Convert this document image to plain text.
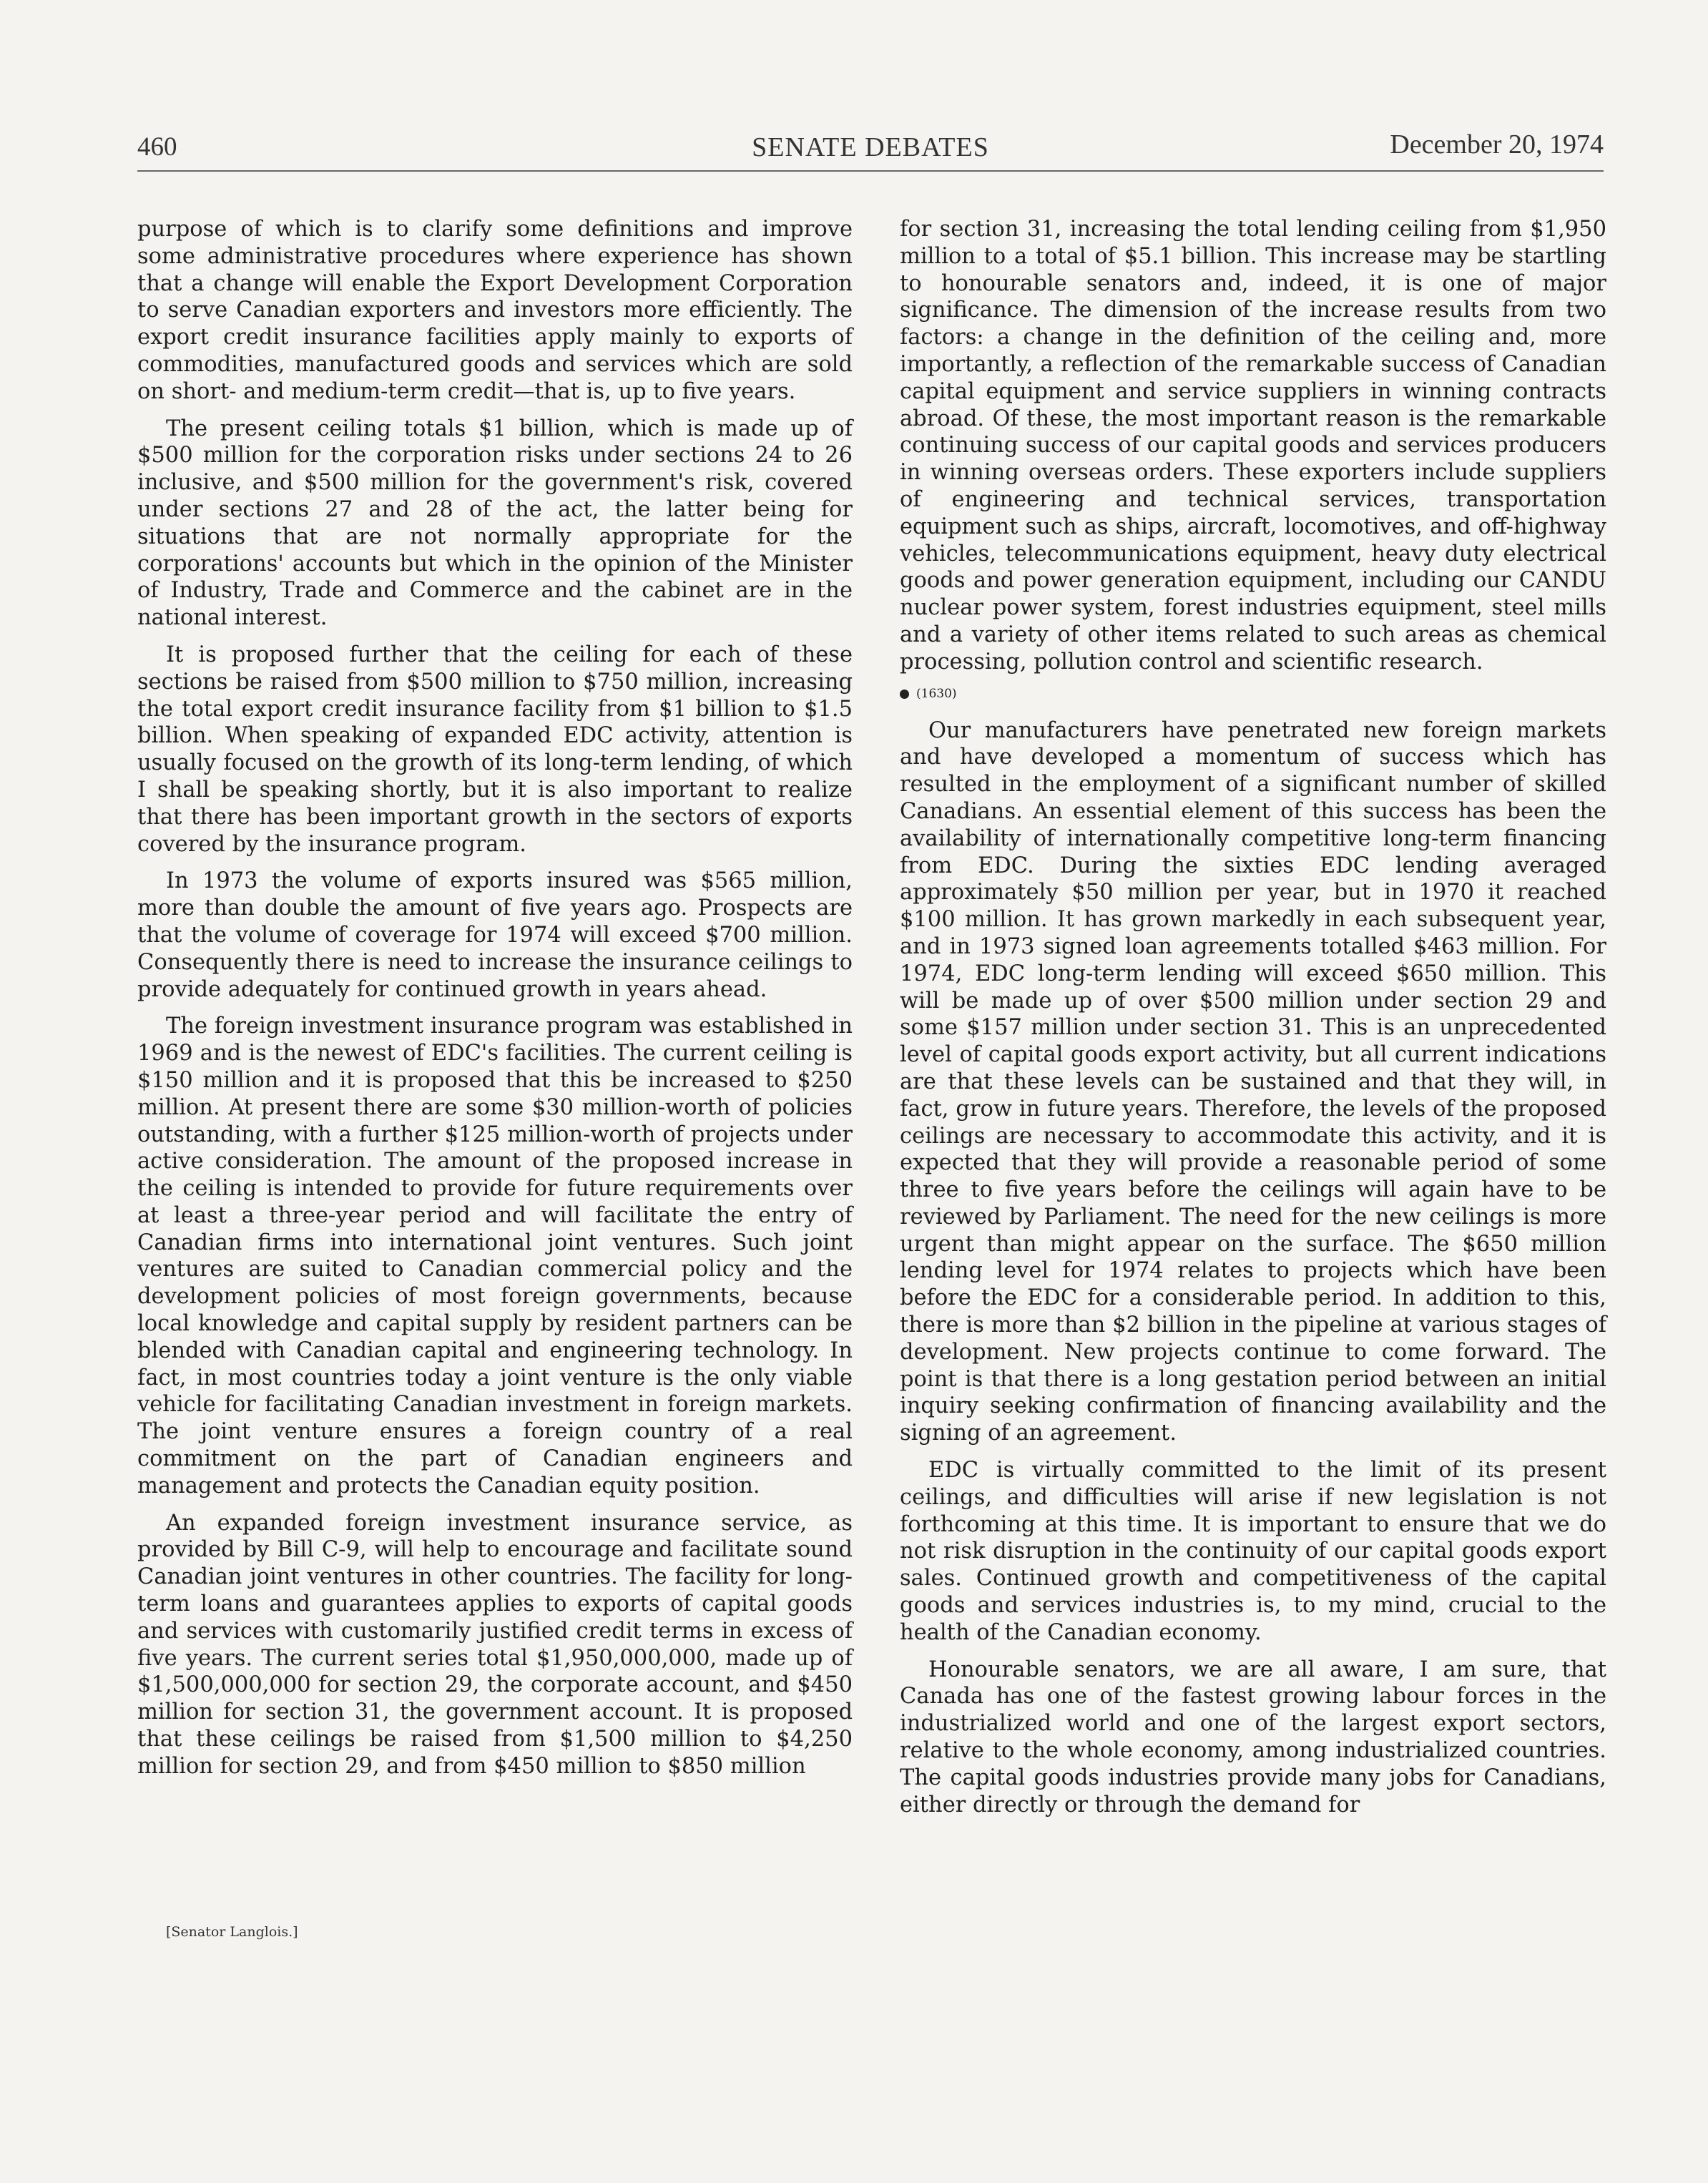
460	SENATE DEBATES	December 20, 1974

purpose of which is to clarify some definitions and improve some administrative procedures where experience has shown that a change will enable the Export Development Corporation to serve Canadian exporters and investors more efficiently. The export credit insurance facilities apply mainly to exports of commodities, manufactured goods and services which are sold on short- and medium-term credit—that is, up to five years.

The present ceiling totals $1 billion, which is made up of $500 million for the corporation risks under sections 24 to 26 inclusive, and $500 million for the government's risk, covered under sections 27 and 28 of the act, the latter being for situations that are not normally appropriate for the corporations' accounts but which in the opinion of the Minister of Industry, Trade and Commerce and the cabinet are in the national interest.

It is proposed further that the ceiling for each of these sections be raised from $500 million to $750 million, increasing the total export credit insurance facility from $1 billion to $1.5 billion. When speaking of expanded EDC activity, attention is usually focused on the growth of its long-term lending, of which I shall be speaking shortly, but it is also important to realize that there has been important growth in the sectors of exports covered by the insurance program.

In 1973 the volume of exports insured was $565 million, more than double the amount of five years ago. Prospects are that the volume of coverage for 1974 will exceed $700 million. Consequently there is need to increase the insurance ceilings to provide adequately for continued growth in years ahead.

The foreign investment insurance program was established in 1969 and is the newest of EDC's facilities. The current ceiling is $150 million and it is proposed that this be increased to $250 million. At present there are some $30 million-worth of policies outstanding, with a further $125 million-worth of projects under active consideration. The amount of the proposed increase in the ceiling is intended to provide for future requirements over at least a three-year period and will facilitate the entry of Canadian firms into international joint ventures. Such joint ventures are suited to Canadian commercial policy and the development policies of most foreign governments, because local knowledge and capital supply by resident partners can be blended with Canadian capital and engineering technology. In fact, in most countries today a joint venture is the only viable vehicle for facilitating Canadian investment in foreign markets. The joint venture ensures a foreign country of a real commitment on the part of Canadian engineers and management and protects the Canadian equity position.

An expanded foreign investment insurance service, as provided by Bill C-9, will help to encourage and facilitate sound Canadian joint ventures in other countries. The facility for long-term loans and guarantees applies to exports of capital goods and services with customarily justified credit terms in excess of five years. The current series total $1,950,000,000, made up of $1,500,000,000 for section 29, the corporate account, and $450 million for section 31, the government account. It is proposed that these ceilings be raised from $1,500 million to $4,250 million for section 29, and from $450 million to $850 million

[Senator Langlois.]

for section 31, increasing the total lending ceiling from $1,950 million to a total of $5.1 billion. This increase may be startling to honourable senators and, indeed, it is one of major significance. The dimension of the increase results from two factors: a change in the definition of the ceiling and, more importantly, a reflection of the remarkable success of Canadian capital equipment and service suppliers in winning contracts abroad. Of these, the most important reason is the remarkable continuing success of our capital goods and services producers in winning overseas orders. These exporters include suppliers of engineering and technical services, transportation equipment such as ships, aircraft, locomotives, and off-highway vehicles, telecommunications equipment, heavy duty electrical goods and power generation equipment, including our CANDU nuclear power system, forest industries equipment, steel mills and a variety of other items related to such areas as chemical processing, pollution control and scientific research.

(1630)

Our manufacturers have penetrated new foreign markets and have developed a momentum of success which has resulted in the employment of a significant number of skilled Canadians. An essential element of this success has been the availability of internationally competitive long-term financing from EDC. During the sixties EDC lending averaged approximately $50 million per year, but in 1970 it reached $100 million. It has grown markedly in each subsequent year, and in 1973 signed loan agreements totalled $463 million. For 1974, EDC long-term lending will exceed $650 million. This will be made up of over $500 million under section 29 and some $157 million under section 31. This is an unprecedented level of capital goods export activity, but all current indications are that these levels can be sustained and that they will, in fact, grow in future years. Therefore, the levels of the proposed ceilings are necessary to accommodate this activity, and it is expected that they will provide a reasonable period of some three to five years before the ceilings will again have to be reviewed by Parliament. The need for the new ceilings is more urgent than might appear on the surface. The $650 million lending level for 1974 relates to projects which have been before the EDC for a considerable period. In addition to this, there is more than $2 billion in the pipeline at various stages of development. New projects continue to come forward. The point is that there is a long gestation period between an initial inquiry seeking confirmation of financing availability and the signing of an agreement.

EDC is virtually committed to the limit of its present ceilings, and difficulties will arise if new legislation is not forthcoming at this time. It is important to ensure that we do not risk disruption in the continuity of our capital goods export sales. Continued growth and competitiveness of the capital goods and services industries is, to my mind, crucial to the health of the Canadian economy.

Honourable senators, we are all aware, I am sure, that Canada has one of the fastest growing labour forces in the industrialized world and one of the largest export sectors, relative to the whole economy, among industrialized countries. The capital goods industries provide many jobs for Canadians, either directly or through the demand for
